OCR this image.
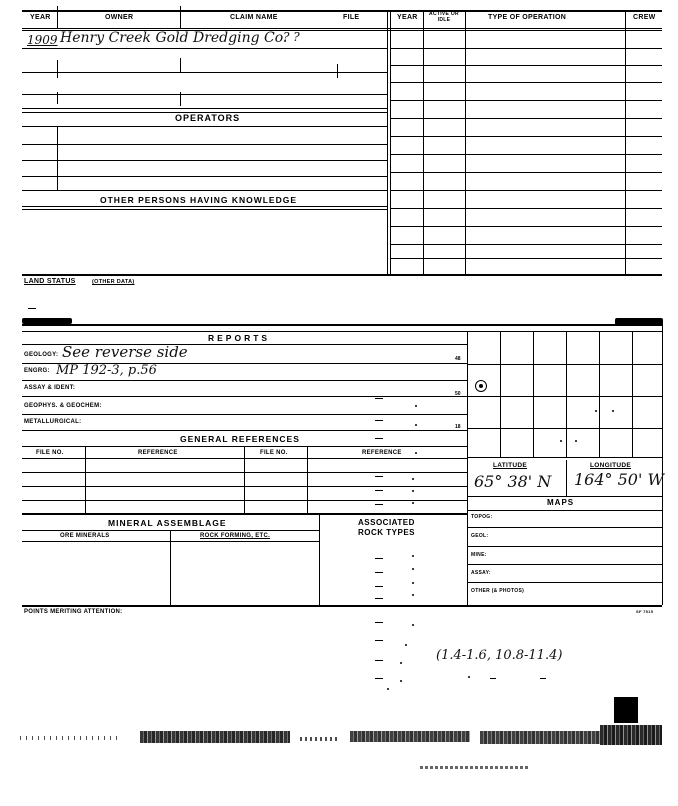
YEAR	OWNER	CLAIM NAME	FILE	YEAR	ACTIVE OR IDLE	TYPE OF OPERATION	CREW
1909 Henry Creek Gold Dredging Co.
? ?
OPERATORS
OTHER PERSONS HAVING KNOWLEDGE
LAND STATUS	(OTHER DATA)
REPORTS
GEOLOGY: See reverse side	48
ENGRG: MP 192-3, p.56
ASSAY & IDENT:
50
GEOPHYS. & GEOCHEM:
METALLURGICAL:
18
GENERAL REFERENCES
FILE NO.	REFERENCE	FILE NO.	REFERENCE
MINERAL ASSEMBLAGE	ASSOCIATED
ROCK TYPES
ORE MINERALS	ROCK FORMING, ETC.
LATITUDE	LONGITUDE
65° 38' N 164° 50' W
MAPS
TOPOG:
GEOL:
MINE:
ASSAY:
OTHER (& PHOTOS)
POINTS MERITING ATTENTION:	SF 7515
(1.4-1.6, 10.8-11.4)
